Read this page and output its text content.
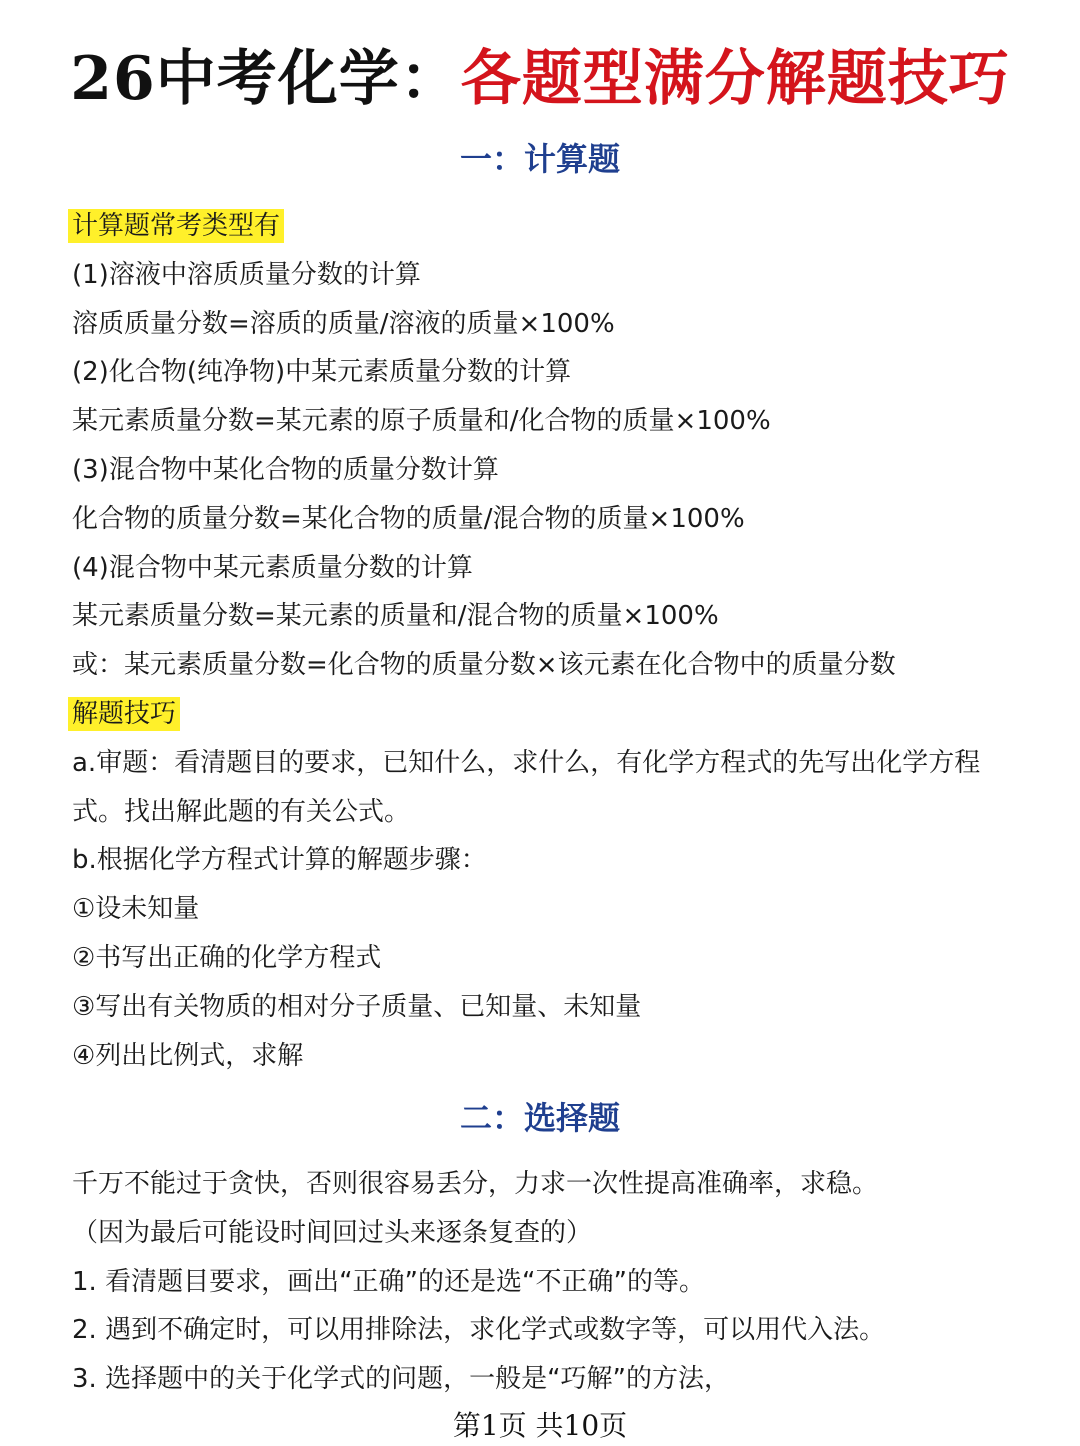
26中考化学：各题型满分解题技巧
一：计算题
计算题常考类型有
(1)溶液中溶质质量分数的计算
溶质质量分数=溶质的质量/溶液的质量×100%
(2)化合物(纯净物)中某元素质量分数的计算
某元素质量分数=某元素的原子质量和/化合物的质量×100%
(3)混合物中某化合物的质量分数计算
化合物的质量分数=某化合物的质量/混合物的质量×100%
(4)混合物中某元素质量分数的计算
某元素质量分数=某元素的质量和/混合物的质量×100%
或：某元素质量分数=化合物的质量分数×该元素在化合物中的质量分数
解题技巧
a.审题：看清题目的要求，已知什么，求什么，有化学方程式的先写出化学方程式。找出解此题的有关公式。
b.根据化学方程式计算的解题步骤：
①设未知量
②书写出正确的化学方程式
③写出有关物质的相对分子质量、已知量、未知量
④列出比例式，求解
二：选择题
千万不能过于贪快，否则很容易丢分，力求一次性提高准确率，求稳。
（因为最后可能设时间回过头来逐条复查的）
1. 看清题目要求，画出“正确”的还是选“不正确”的等。
2. 遇到不确定时，可以用排除法，求化学式或数字等，可以用代入法。
3. 选择题中的关于化学式的问题，一般是“巧解”的方法，
第1页 共10页
